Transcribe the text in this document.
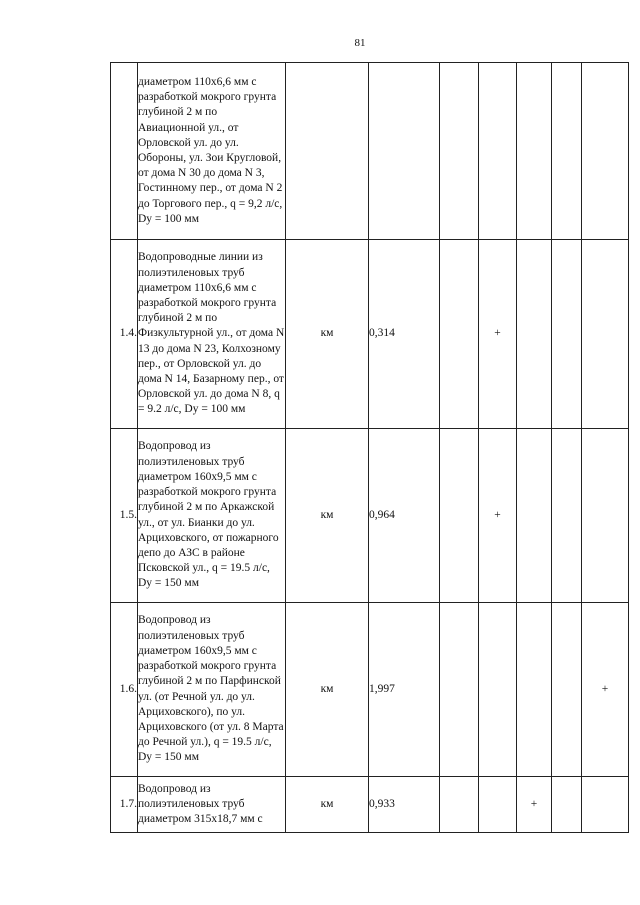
81
	диаметром 110х6,6 мм с разработкой мокрого грунта глубиной 2 м по Авиационной ул., от Орловской ул. до ул. Обороны, ул. Зои Кругловой, от дома N 30 до дома N 3, Гостинному пер., от дома N 2 до Торгового пер., q = 9,2 л/с, Dy = 100 мм							
1.4.	Водопроводные линии из полиэтиленовых труб диаметром 110х6,6 мм с разработкой мокрого грунта глубиной 2 м по Физкультурной ул., от дома N 13 до дома N 23, Колхозному пер., от Орловской ул. до дома N 14, Базарному пер., от Орловской ул. до дома N 8, q = 9.2 л/с, Dy = 100 мм	км	0,314		+			
1.5.	Водопровод из полиэтиленовых труб диаметром 160х9,5 мм с разработкой мокрого грунта глубиной 2 м по Аркажской ул., от ул. Бианки до ул. Арциховского, от пожарного депо до АЗС в районе Псковской ул., q = 19.5 л/с, Dy = 150 мм	км	0,964		+			
1.6.	Водопровод из полиэтиленовых труб диаметром 160х9,5 мм с разработкой мокрого грунта глубиной 2 м по Парфинской ул. (от Речной ул. до ул. Арциховского), по ул. Арциховского (от ул. 8 Марта до Речной ул.), q = 19.5 л/с, Dy = 150 мм	км	1,997					+
1.7.	Водопровод из полиэтиленовых труб диаметром 315х18,7 мм с	км	0,933			+		
